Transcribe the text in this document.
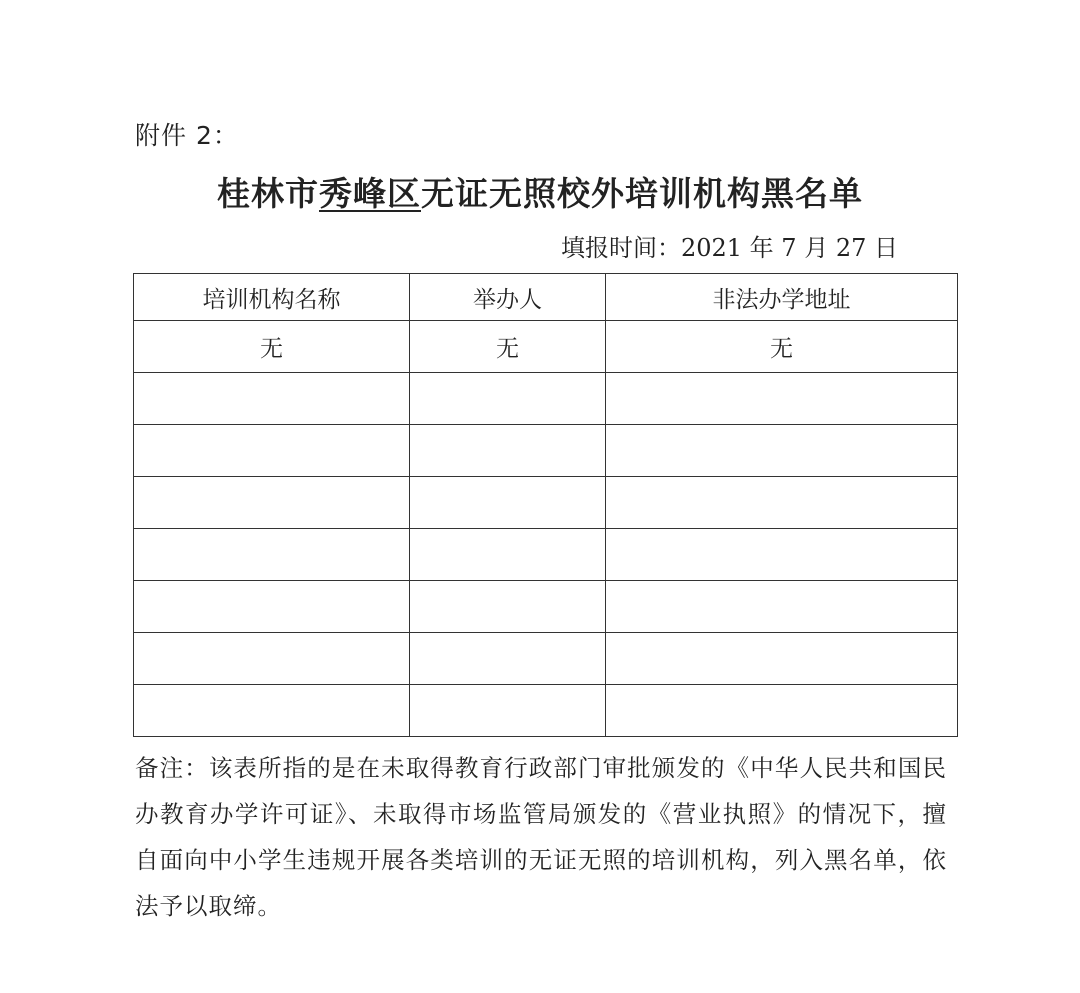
附件 2：
桂林市秀峰区无证无照校外培训机构黑名单
填报时间：2021 年 7 月 27 日
培训机构名称	举办人	非法办学地址
无	无	无

备注：该表所指的是在未取得教育行政部门审批颁发的《中华人民共和国民办教育办学许可证》、未取得市场监管局颁发的《营业执照》的情况下，擅自面向中小学生违规开展各类培训的无证无照的培训机构，列入黑名单，依法予以取缔。
